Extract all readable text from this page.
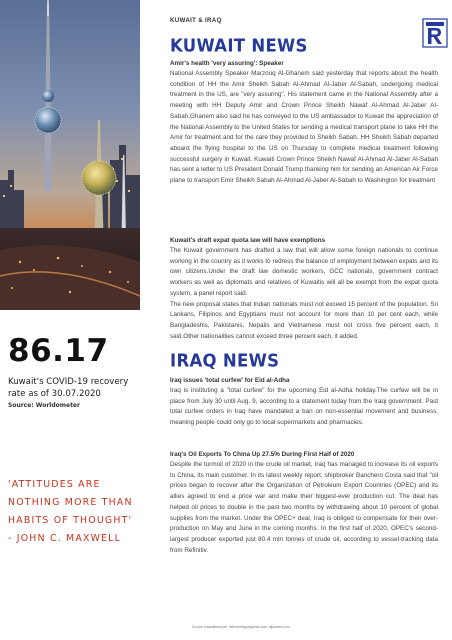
86.17
Kuwait's COVID-19 recovery rate as of 30.07.2020
Source: Worldometer
'ATTITUDES ARE NOTHING MORE THAN HABITS OF THOUGHT'
- JOHN C. MAXWELL
KUWAIT & IRAQ
KUWAIT NEWS
Amir's health 'very assuring': Speaker
National Assembly Speaker Marzouq Al-Ghanem said yesterday that reports about the health condition of HH the Amir Sheikh Sabah Al-Ahmad Al-Jaber Al-Sabah, undergoing medical treatment in the US, are "very assuring". His statement came in the National Assembly after a meeting with HH Deputy Amir and Crown Prince Sheikh Nawaf Al-Ahmad Al-Jaber Al-Sabah.Ghanem also said he has conveyed to the US ambassador to Kuwait the appreciation of the National Assembly to the United States for sending a medical transport plane to take HH the Amir for treatment and for the care they provided to Sheikh Sabah. HH Sheikh Sabah departed aboard the flying hospital to the US on Thursday to complete medical treatment following successful surgery in Kuwait. Kuwaiti Crown Prince Sheikh Nawaf Al-Ahmad Al-Jaber Al-Sabah has sent a letter to US President Donald Trump thanking him for sending an American Air Force plane to transport Emir Sheikh Sabah Al-Ahmad Al-Jaber Al-Sabah to Washington for treatment
Kuwait's draft expat quota law will have exemptions
The Kuwait government has drafted a law that will allow some foreign nationals to continue working in the country as it works to redress the balance of employment between expats and its own citizens.Under the draft law domestic workers, GCC nationals, government contract workers as well as diplomats and relatives of Kuwaitis will all be exempt from the expat quota system, a panel report said.
The new proposal states that Indian nationals must not exceed 15 percent of the population. Sri Lankans, Filipinos and Egyptians must not account for more than 10 per cent each, while Bangladeshis, Pakistanis, Nepalis and Vietnamese must not cross five percent each, it said.Other nationalities cannot exceed three percent each, it added.
IRAQ NEWS
Iraq issues 'total curfew' for Eid al-Adha
Iraq is instituting a "total curfew" for the upcoming Eid al-Adha holiday.The curfew will be in place from July 30 until Aug. 9, according to a statement today from the Iraqi government. Past total curfew orders in Iraq have mandated a ban on non-essential movement and business, meaning people could only go to local supermarkets and pharmacies.
Iraq's Oil Exports To China Up 27.5% During First Half of 2020
Despite the turmoil of 2020 in the crude oil market, Iraq has managed to increase its oil exports to China, its main customer. In its latest weekly report, shipbroker Banchero Costa said that "oil prices began to recover after the Organization of Petroleum Export Countries (OPEC) and its allies agreed to end a price war and make their biggest-ever production cut. The deal has helped oil prices to double in the past two months by withdrawing about 10 percent of global supplies from the market. Under the OPEC+ deal, Iraq is obliged to compensate for their over-production on May and June in the coming months. In the first half of 2020, OPEC's second-largest producer exported just 80.4 mln tonnes of crude oil, according to vessel-tracking data from Refinitiv.
Source: kuwaittimes.net, hellenicshippingnews.com, aljazeera.com
